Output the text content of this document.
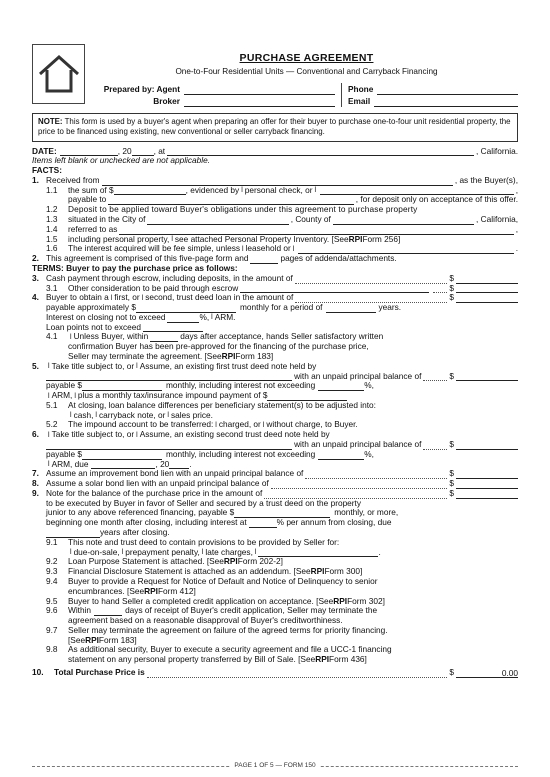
PURCHASE AGREEMENT
One-to-Four Residential Units — Conventional and Carryback Financing
Prepared by: Agent
Broker
Phone
Email
NOTE: This form is used by a buyer's agent when preparing an offer for their buyer to purchase one-to-four unit residential property, the price to be financed using existing, new conventional or seller carryback financing.
DATE:	, 20	, at	, California.
Items left blank or unchecked are not applicable.
FACTS:
1. Received from	, as the Buyer(s),
1.1	the sum of $	, evidenced by l personal check, or l	,
payable to	, for deposit only on acceptance of this offer.
1.2	Deposit to be applied toward Buyer's obligations under this agreement to purchase property
1.3	situated in the City of	, County of	, California,
1.4	referred to as	,
1.5	including personal property, l see attached Personal Property Inventory. [See RPI Form 256]
1.6	The interest acquired will be fee simple, unless l leasehold or l	.
2. This agreement is comprised of this five-page form and	pages of addenda/attachments.
TERMS: Buyer to pay the purchase price as follows:
3. Cash payment through escrow, including deposits, in the amount of	$
3.1	Other consideration to be paid through escrow	$
4. Buyer to obtain a l first, or l second, trust deed loan in the amount of	$
payable approximately $	monthly for a period of	years.
Interest on closing not to exceed	%, l ARM.
Loan points not to exceed
4.1	l Unless Buyer, within	days after acceptance, hands Seller satisfactory written
confirmation Buyer has been pre-approved for the financing of the purchase price,
Seller may terminate the agreement. [See RPI Form 183]
5.	l Take title subject to, or l Assume, an existing first trust deed note held by
with an unpaid principal balance of	$
payable $	monthly, including interest not exceeding	%,
l ARM, l plus a monthly tax/insurance impound payment of $
5.1	At closing, loan balance differences per beneficiary statement(s) to be adjusted into:
l cash, l carryback note, or l sales price.
5.2	The impound account to be transferred: l charged, or l without charge, to Buyer.
6.	l Take title subject to, or l Assume, an existing second trust deed note held by
with an unpaid principal balance of	$
payable $	monthly, including interest not exceeding	%,
l ARM, due	, 20 .
7. Assume an improvement bond lien with an unpaid principal balance of	$
8. Assume a solar bond lien with an unpaid principal balance of	$
9. Note for the balance of the purchase price in the amount of	$
to be executed by Buyer in favor of Seller and secured by a trust deed on the property
junior to any above referenced financing, payable $	monthly, or more,
beginning one month after closing, including interest at	% per annum from closing, due
years after closing.
9.1	This note and trust deed to contain provisions to be provided by Seller for:
l due-on-sale, l prepayment penalty, l late charges, l	.
9.2	Loan Purpose Statement is attached. [See RPI Form 202-2]
9.3	Financial Disclosure Statement is attached as an addendum. [See RPI Form 300]
9.4	Buyer to provide a Request for Notice of Default and Notice of Delinquency to senior
encumbrances. [See RPI Form 412]
9.5	Buyer to hand Seller a completed credit application on acceptance. [See RPI Form 302]
9.6	Within	days of receipt of Buyer's credit application, Seller may terminate the
agreement based on a reasonable disapproval of Buyer's creditworthiness.
9.7	Seller may terminate the agreement on failure of the agreed terms for priority financing.
[See RPI Form 183]
9.8	As additional security, Buyer to execute a security agreement and file a UCC-1 financing
statement on any personal property transferred by Bill of Sale. [See RPI Form 436]
10.	Total Purchase Price is	$	0.00
PAGE 1 OF 5 — FORM 150
